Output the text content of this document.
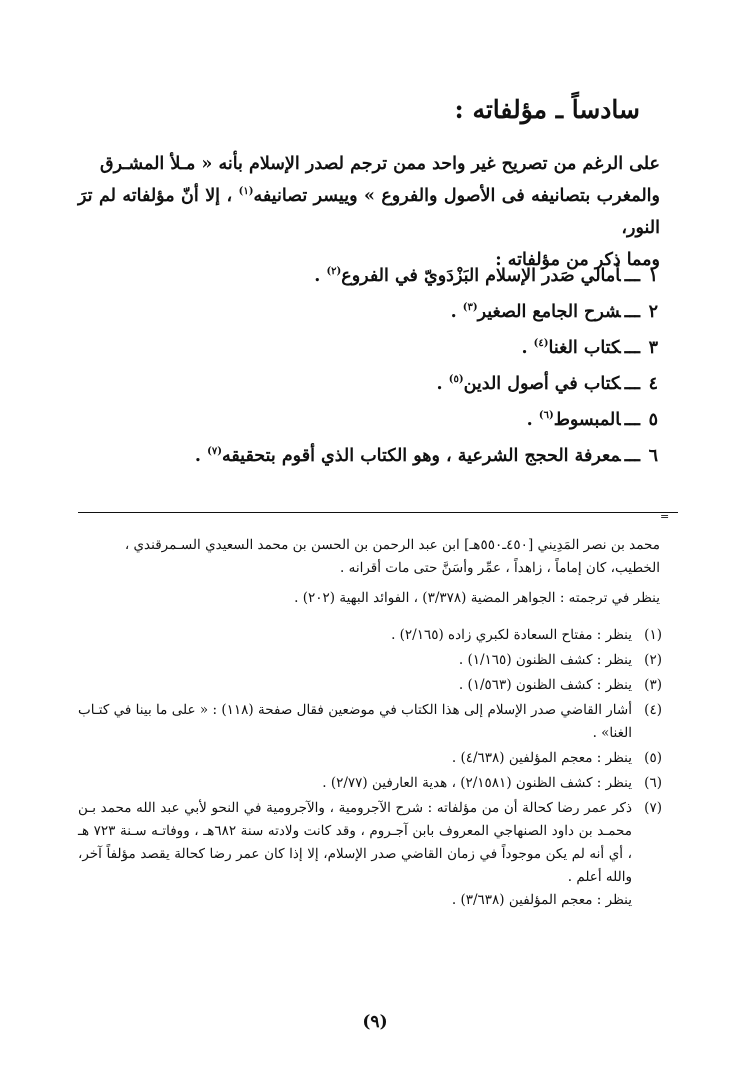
سادساً ـ مؤلفاته :
على الرغم من تصريح غير واحد ممن ترجم لصدر الإسلام بأنه « مـلأ المشـرق
والمغرب بتصانيفه فى الأصول والفروع » وييسر تصانيفه$^{(١)}$ ، إلا أنّ مؤلفاته لم ترَ النور،
ومما ذكر من مؤلفاته :
١ـــأمالي صَدر الإسلام البَزْدَويّ في الفروع$^{(٢)}$ .
٢ـــشرح الجامع الصغير$^{(٣)}$ .
٣ـــكتاب الغنا$^{(٤)}$ .
٤ـــكتاب في أصول الدين$^{(٥)}$ .
٥ـــالمبسوط$^{(٦)}$ .
٦ـــمعرفة الحجج الشرعية ، وهو الكتاب الذي أقوم بتحقيقه$^{(٧)}$ .
=

محمد بن نصر المَدِيني [٤٥٠ـ٥٥٠هـ] ابن عبد الرحمن بن الحسن بن محمد السعيدي السـمرقندي ،

الخطيب، كان إماماً ، زاهداً ، عمِّر وأسَنَّ حتى مات أقرانه .

ينظر في ترجمته : الجواهر المضية (٣/٣٧٨) ، الفوائد البهية (٢٠٢) .

(١)

ينظر : مفتاح السعادة لكبري زاده (٢/١٦٥) .

(٢)

ينظر : كشف الظنون (١/١٦٥) .

(٣)

ينظر : كشف الظنون (١/٥٦٣) .

(٤)

أشار القاضي صدر الإسلام إلى هذا الكتاب في موضعين فقال صفحة (١١٨) : « على ما بينا في كتـاب الغنا» .

(٥)

ينظر : معجم المؤلفين (٤/٦٣٨) .

(٦)

ينظر : كشف الظنون (٢/١٥٨١) ، هدية العارفين (٢/٧٧) .

(٧)

ذكر عمر رضا كحالة أن من مؤلفاته : شرح الآجرومية ، والآجرومية في النحو لأبي عبد الله محمد بـن محمـد بن داود الصنهاجي المعروف بابن آجـروم ، وقد كانت ولادته سنة ٦٨٢هـ ، ووفاتـه سـنة ٧٢٣ هـ ، أي أنه لم يكن موجوداً في زمان القاضي صدر الإسلام، إلا إذا كان عمر رضا كحالة يقصد مؤلفاً آخر، والله أعلم .

ينظر : معجم المؤلفين (٣/٦٣٨) .

(٩)
